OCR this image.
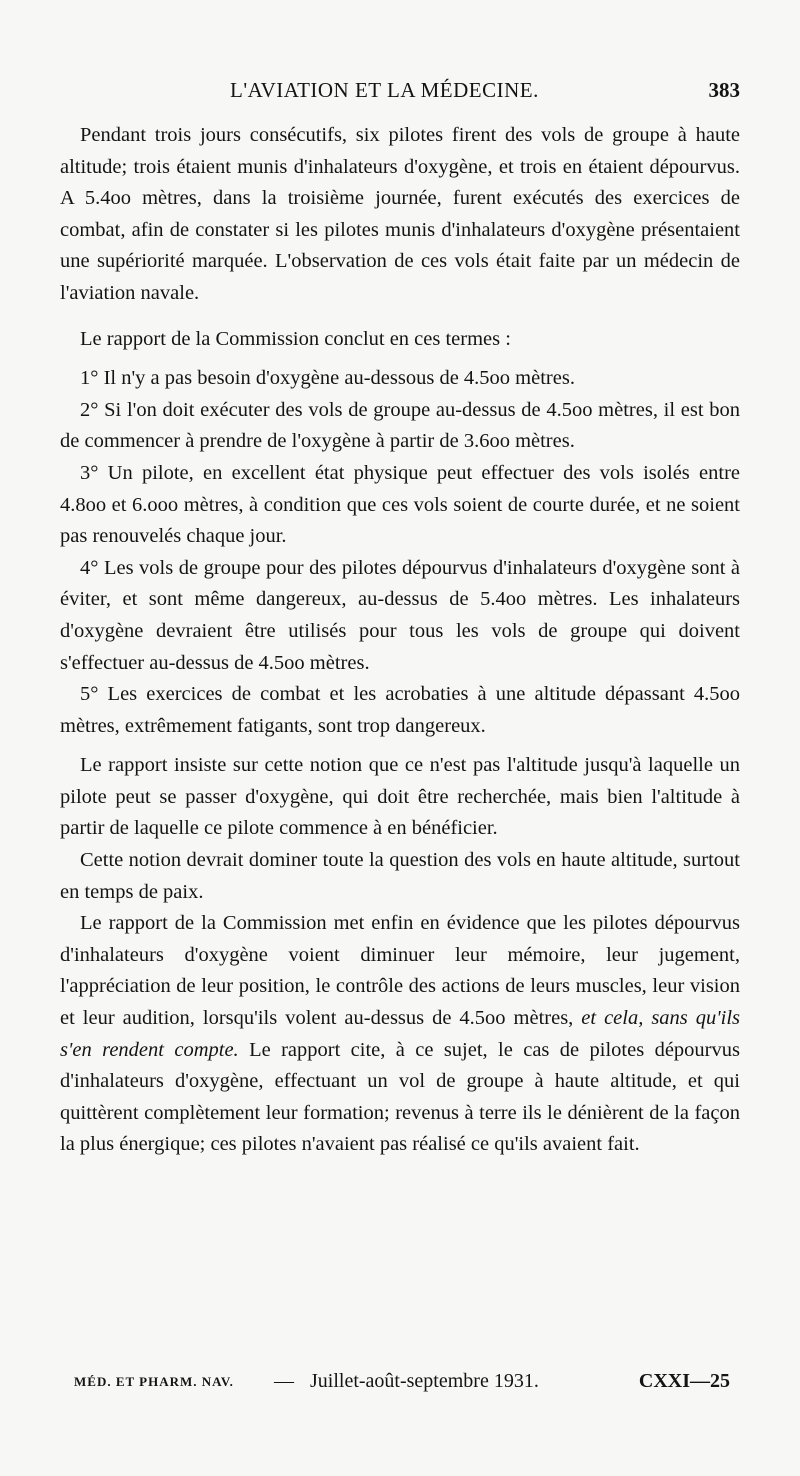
L'AVIATION ET LA MÉDECINE.	383

Pendant trois jours consécutifs, six pilotes firent des vols de groupe à haute altitude; trois étaient munis d'inhalateurs d'oxygène, et trois en étaient dépourvus. A 5.4oo mètres, dans la troisième journée, furent exécutés des exercices de combat, afin de constater si les pilotes munis d'inhalateurs d'oxygène présentaient une supériorité marquée. L'observation de ces vols était faite par un médecin de l'aviation navale.

Le rapport de la Commission conclut en ces termes :

1° Il n'y a pas besoin d'oxygène au-dessous de 4.5oo mètres.

2° Si l'on doit exécuter des vols de groupe au-dessus de 4.5oo mètres, il est bon de commencer à prendre de l'oxygène à partir de 3.6oo mètres.

3° Un pilote, en excellent état physique peut effectuer des vols isolés entre 4.8oo et 6.ooo mètres, à condition que ces vols soient de courte durée, et ne soient pas renouvelés chaque jour.

4° Les vols de groupe pour des pilotes dépourvus d'inhalateurs d'oxygène sont à éviter, et sont même dangereux, au-dessus de 5.4oo mètres. Les inhalateurs d'oxygène devraient être utilisés pour tous les vols de groupe qui doivent s'effectuer au-dessus de 4.5oo mètres.

5° Les exercices de combat et les acrobaties à une altitude dépassant 4.5oo mètres, extrêmement fatigants, sont trop dangereux.

Le rapport insiste sur cette notion que ce n'est pas l'altitude jusqu'à laquelle un pilote peut se passer d'oxygène, qui doit être recherchée, mais bien l'altitude à partir de laquelle ce pilote commence à en bénéficier.

Cette notion devrait dominer toute la question des vols en haute altitude, surtout en temps de paix.

Le rapport de la Commission met enfin en évidence que les pilotes dépourvus d'inhalateurs d'oxygène voient diminuer leur mémoire, leur jugement, l'appréciation de leur position, le contrôle des actions de leurs muscles, leur vision et leur audition, lorsqu'ils volent au-dessus de 4.5oo mètres, et cela, sans qu'ils s'en rendent compte. Le rapport cite, à ce sujet, le cas de pilotes dépourvus d'inhalateurs d'oxygène, effectuant un vol de groupe à haute altitude, et qui quittèrent complètement leur formation; revenus à terre ils le dénièrent de la façon la plus énergique; ces pilotes n'avaient pas réalisé ce qu'ils avaient fait.

MÉD. ET PHARM. NAV. — Juillet-août-septembre 1931.	CXXI—25
